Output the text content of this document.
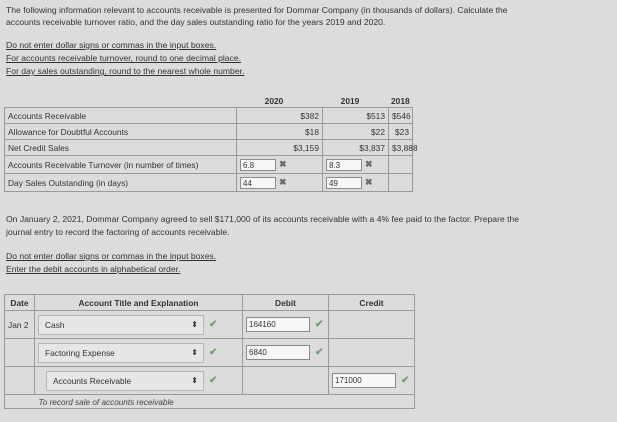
The following information relevant to accounts receivable is presented for Dommar Company (in thousands of dollars). Calculate the
accounts receivable turnover ratio, and the day sales outstanding ratio for the years 2019 and 2020.
Do not enter dollar signs or commas in the input boxes.
For accounts receivable turnover, round to one decimal place.
For day sales outstanding, round to the nearest whole number.
	2020	2019	2018
Accounts Receivable	$382	$513	$546
Allowance for Doubtful Accounts	$18	$22	$23
Net Credit Sales	$3,159	$3,837	$3,888
Accounts Receivable Turnover (in number of times)	6.8 ✖	8.3 ✖	
Day Sales Outstanding (in days)	44 ✖	49 ✖	
On January 2, 2021, Dommar Company agreed to sell $171,000 of its accounts receivable with a 4% fee paid to the factor. Prepare the
journal entry to record the factoring of accounts receivable.
Do not enter dollar signs or commas in the input boxes.
Enter the debit accounts in alphabetical order.
Date	Account Title and Explanation	Debit	Credit
Jan 2	Cash ⬍ ✔	164160 ✔	
	Factoring Expense ⬍ ✔	6840 ✔	
	Accounts Receivable ⬍ ✔		171000 ✔
	To record sale of accounts receivable		
